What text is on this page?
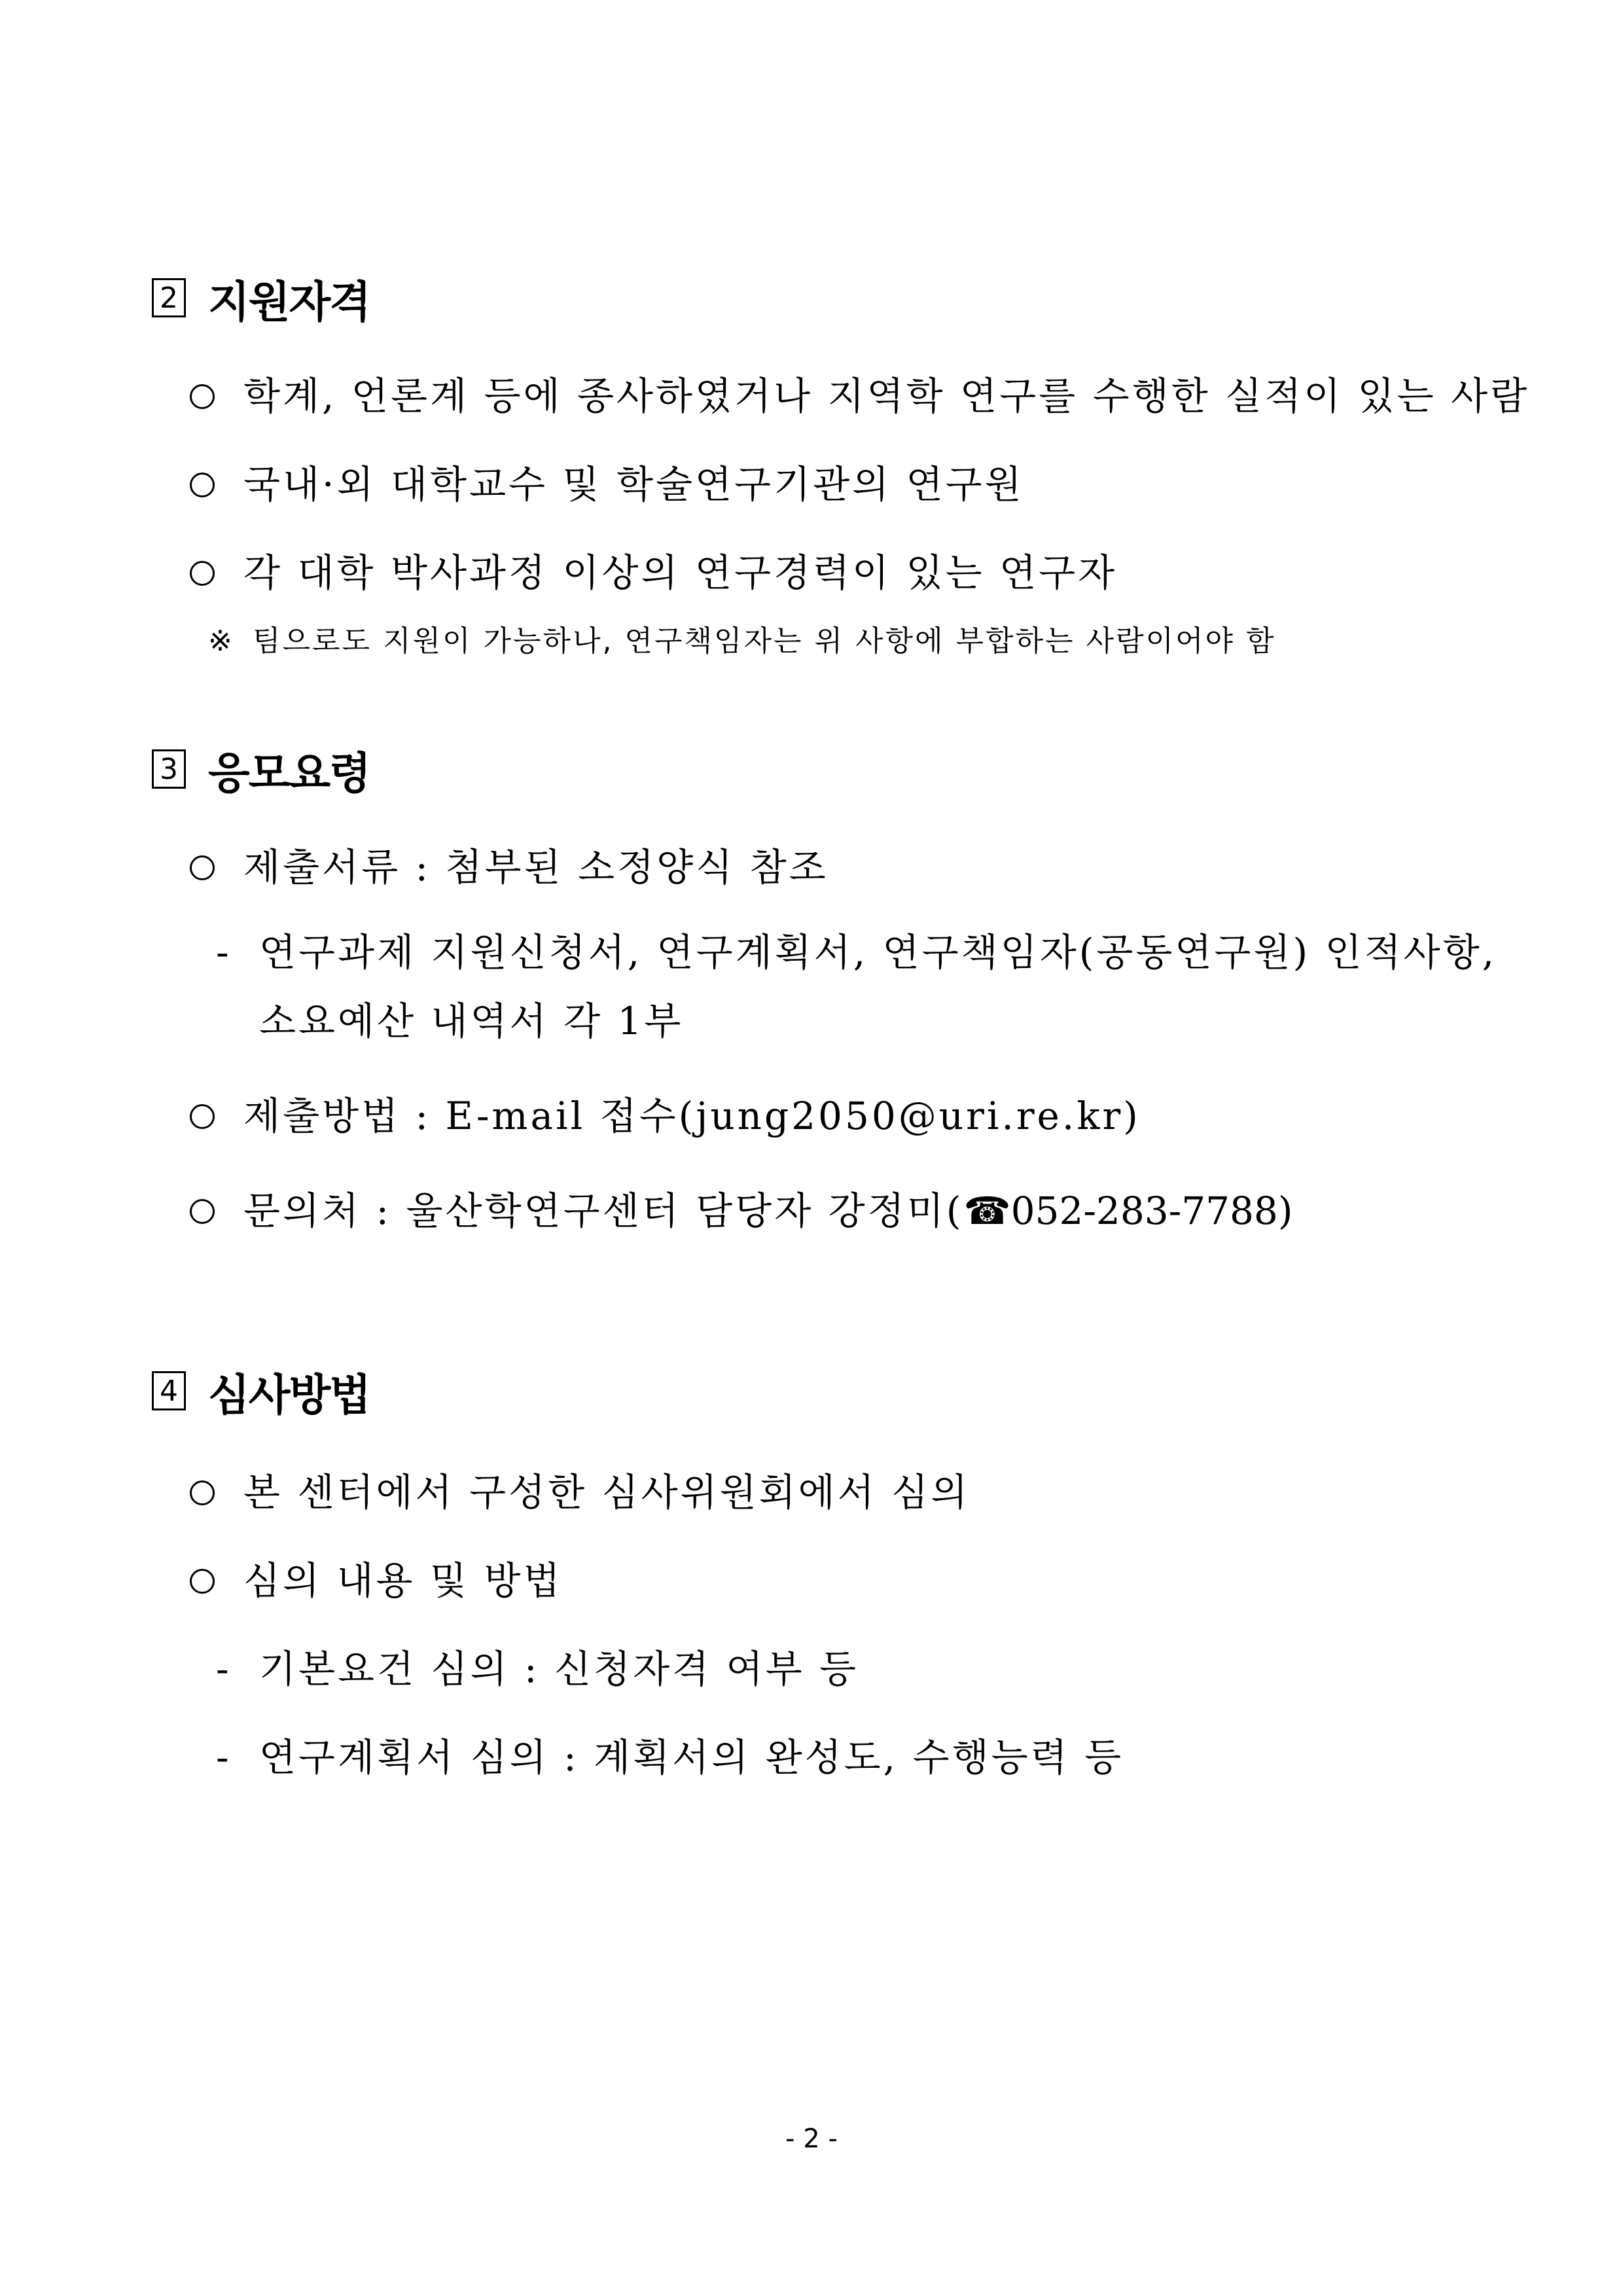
2 지원자격
학계, 언론계 등에 종사하였거나 지역학 연구를 수행한 실적이 있는 사람
국내·외 대학교수 및 학술연구기관의 연구원
각 대학 박사과정 이상의 연구경력이 있는 연구자
※ 팀으로도 지원이 가능하나, 연구책임자는 위 사항에 부합하는 사람이어야 함
3 응모요령
제출서류 : 첨부된 소정양식 참조
- 연구과제 지원신청서, 연구계획서, 연구책임자(공동연구원) 인적사항,
소요예산 내역서 각 1부
제출방법 : E-mail 접수(jung2050@uri.re.kr)
문의처 : 울산학연구센터 담당자 강정미(☎052-283-7788)
4 심사방법
본 센터에서 구성한 심사위원회에서 심의
심의 내용 및 방법
- 기본요건 심의 : 신청자격 여부 등
- 연구계획서 심의 : 계획서의 완성도, 수행능력 등
- 2 -
